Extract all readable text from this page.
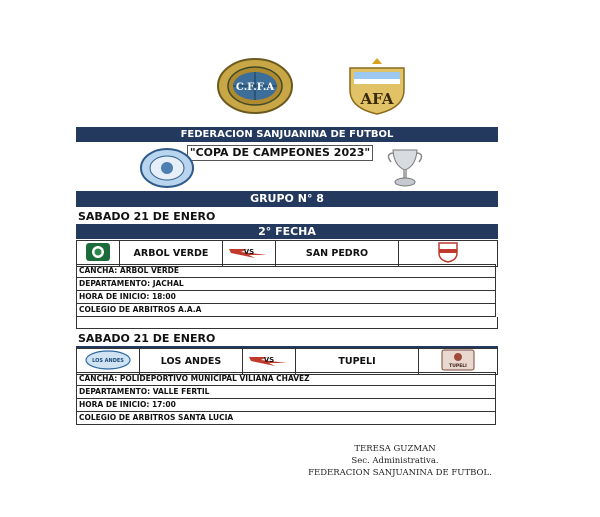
C.F.F.A
AFA
FEDERACION SANJUANINA DE FUTBOL
"COPA DE CAMPEONES 2023"
GRUPO N° 8
SABADO 21 DE ENERO
2° FECHA
	ARBOL VERDE	VS	SAN PEDRO	
CANCHA: ARBOL VERDE
DEPARTAMENTO: JACHAL
HORA DE INICIO: 18:00
COLEGIO DE ARBITROS A.A.A
SABADO 21 DE ENERO
LOS ANDES	LOS ANDES	VS	TUPELI	TUPELI
CANCHA: POLIDEPORTIVO MUNICIPAL VILIANA CHAVEZ
DEPARTAMENTO: VALLE FERTIL
HORA DE INICIO: 17:00
COLEGIO DE ARBITROS SANTA LUCIA
TERESA GUZMAN
Sec. Administrativa.
FEDERACION SANJUANINA DE FUTBOL.
